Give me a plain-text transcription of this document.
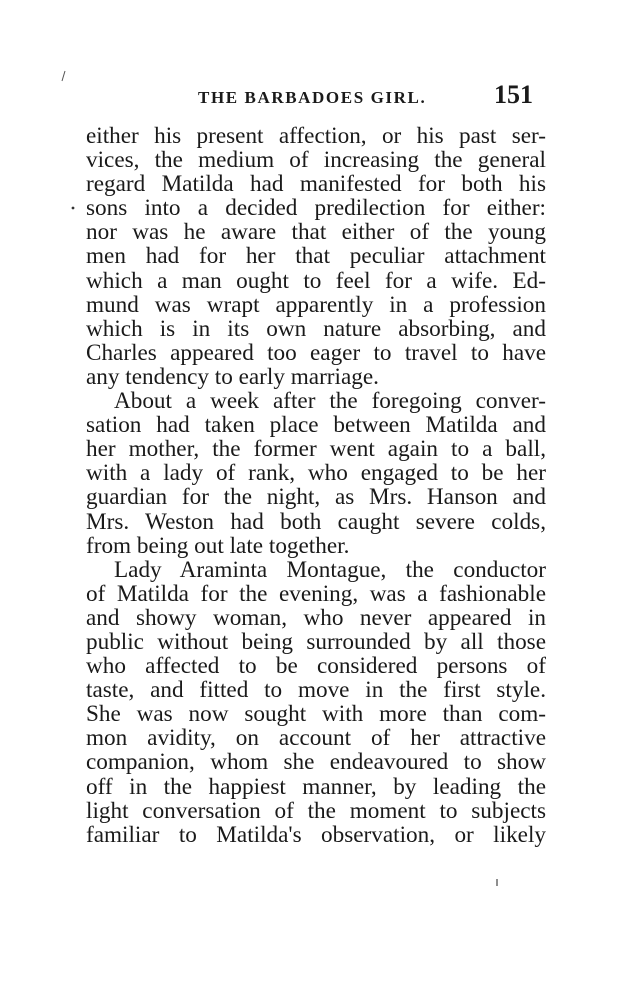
THE BARBADOES GIRL.	151
either his present affection, or his past ser-
vices, the medium of increasing the general
regard Matilda had manifested for both his
sons into a decided predilection for either:
nor was he aware that either of the young
men had for her that peculiar attachment
which a man ought to feel for a wife. Ed-
mund was wrapt apparently in a profession
which is in its own nature absorbing, and
Charles appeared too eager to travel to have
any tendency to early marriage.
About a week after the foregoing conver-
sation had taken place between Matilda and
her mother, the former went again to a ball,
with a lady of rank, who engaged to be her
guardian for the night, as Mrs. Hanson and
Mrs. Weston had both caught severe colds,
from being out late together.
Lady Araminta Montague, the conductor
of Matilda for the evening, was a fashionable
and showy woman, who never appeared in
public without being surrounded by all those
who affected to be considered persons of
taste, and fitted to move in the first style.
She was now sought with more than com-
mon avidity, on account of her attractive
companion, whom she endeavoured to show
off in the happiest manner, by leading the
light conversation of the moment to subjects
familiar to Matilda's observation, or likely
